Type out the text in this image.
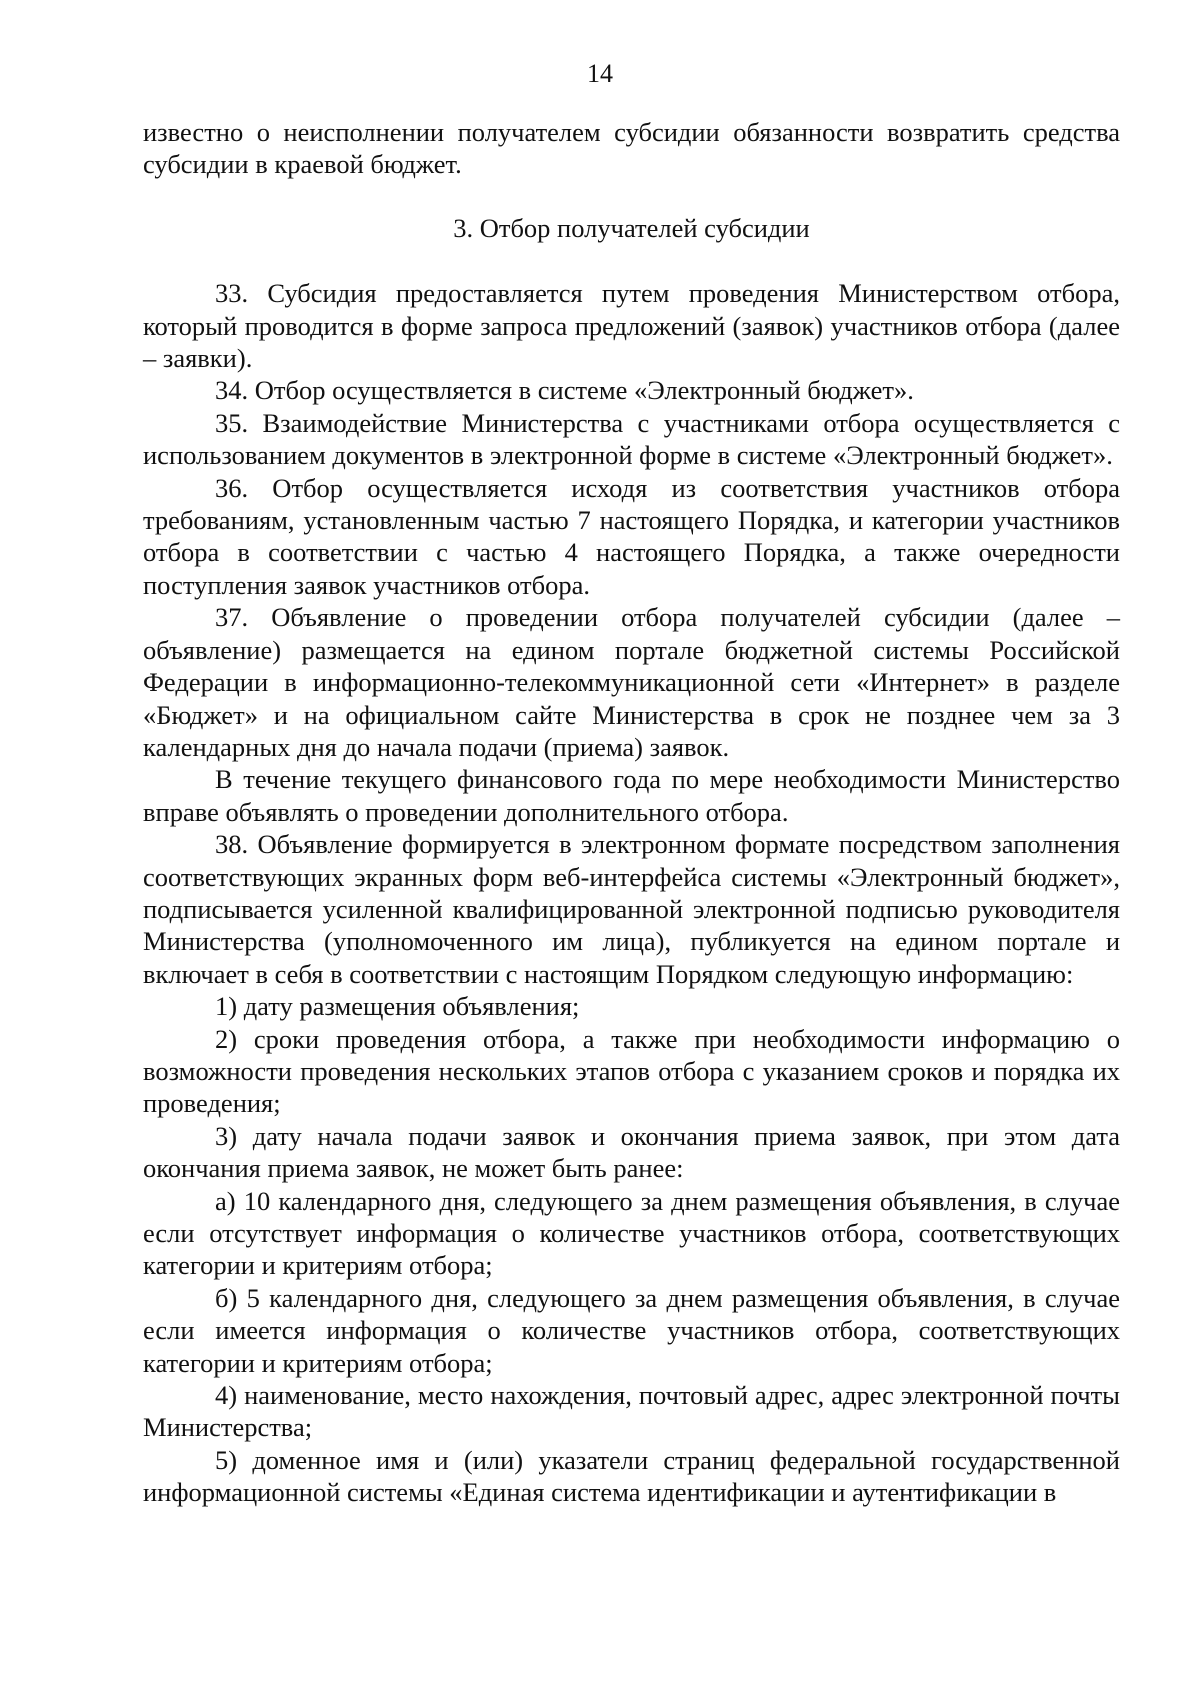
14

известно о неисполнении получателем субсидии обязанности возвратить средства субсидии в краевой бюджет.

3. Отбор получателей субсидии

33. Субсидия предоставляется путем проведения Министерством отбора, который проводится в форме запроса предложений (заявок) участников отбора (далее – заявки).

34. Отбор осуществляется в системе «Электронный бюджет».

35. Взаимодействие Министерства с участниками отбора осуществляется с использованием документов в электронной форме в системе «Электронный бюджет».

36. Отбор осуществляется исходя из соответствия участников отбора требованиям, установленным частью 7 настоящего Порядка, и категории участников отбора в соответствии с частью 4 настоящего Порядка, а также очередности поступления заявок участников отбора.

37. Объявление о проведении отбора получателей субсидии (далее – объявление) размещается на едином портале бюджетной системы Российской Федерации в информационно-телекоммуникационной сети «Интернет» в разделе «Бюджет» и на официальном сайте Министерства в срок не позднее чем за 3 календарных дня до начала подачи (приема) заявок.

В течение текущего финансового года по мере необходимости Министерство вправе объявлять о проведении дополнительного отбора.

38. Объявление формируется в электронном формате посредством заполнения соответствующих экранных форм веб-интерфейса системы «Электронный бюджет», подписывается усиленной квалифицированной электронной подписью руководителя Министерства (уполномоченного им лица), публикуется на едином портале и включает в себя в соответствии с настоящим Порядком следующую информацию:

1) дату размещения объявления;

2) сроки проведения отбора, а также при необходимости информацию о возможности проведения нескольких этапов отбора с указанием сроков и порядка их проведения;

3) дату начала подачи заявок и окончания приема заявок, при этом дата окончания приема заявок, не может быть ранее:

а) 10 календарного дня, следующего за днем размещения объявления, в случае если отсутствует информация о количестве участников отбора, соответствующих категории и критериям отбора;

б) 5 календарного дня, следующего за днем размещения объявления, в случае если имеется информация о количестве участников отбора, соответствующих категории и критериям отбора;

4) наименование, место нахождения, почтовый адрес, адрес электронной почты Министерства;

5) доменное имя и (или) указатели страниц федеральной государственной информационной системы «Единая система идентификации и аутентификации в
